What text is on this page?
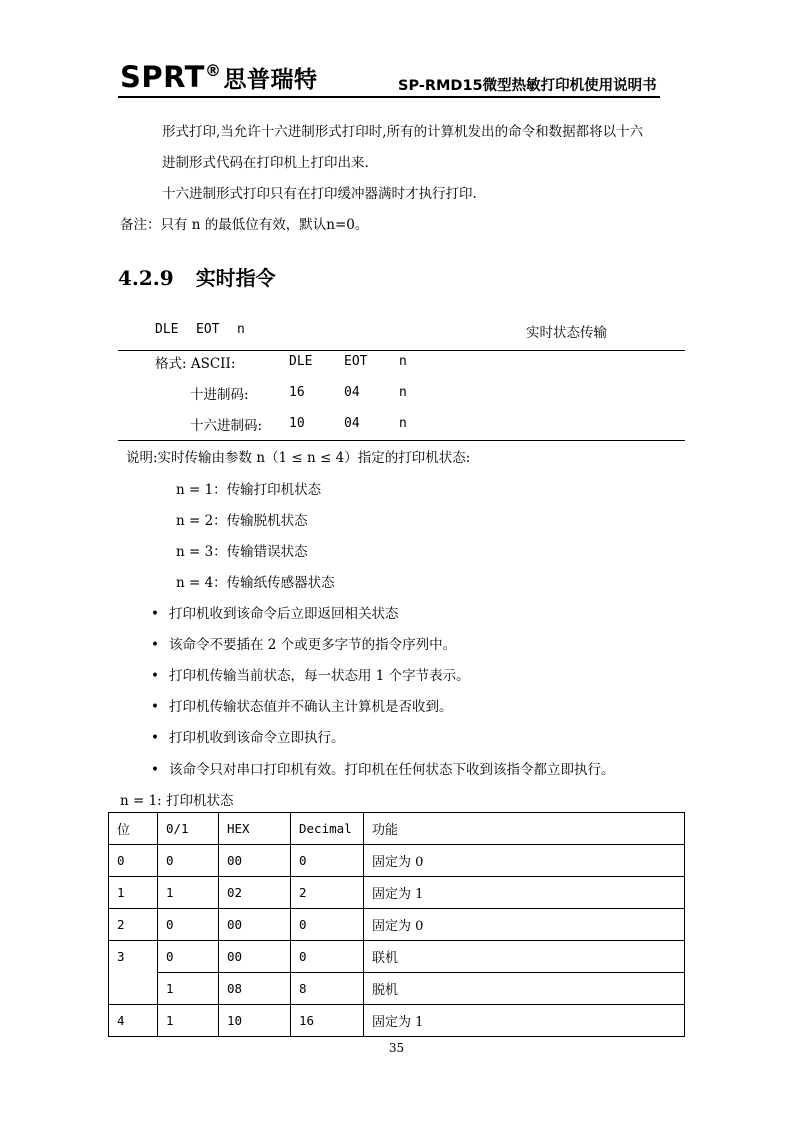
SPRT®思普瑞特	SP-RMD15微型热敏打印机使用说明书
形式打印,当允许十六进制形式打印时,所有的计算机发出的命令和数据都将以十六
进制形式代码在打印机上打印出来.
十六进制形式打印只有在打印缓冲器满时才执行打印.
备注：只有 n 的最低位有效，默认n=0。
4.2.9 实时指令
DLE EOT n	实时状态传输
格式: ASCII:	DLE EOT n
十进制码:	16	04	n
十六进制码: 10	04	n
说明:实时传输由参数 n（1 ≤ n ≤ 4）指定的打印机状态:
n = 1：传输打印机状态
n = 2：传输脱机状态
n = 3：传输错误状态
n = 4：传输纸传感器状态
• 打印机收到该命令后立即返回相关状态
• 该命令不要插在 2 个或更多字节的指令序列中。
• 打印机传输当前状态，每一状态用 1 个字节表示。
• 打印机传输状态值并不确认主计算机是否收到。
• 打印机收到该命令立即执行。
• 该命令只对串口打印机有效。打印机在任何状态下收到该指令都立即执行。
n = 1: 打印机状态
位	0/1	HEX	Decimal	功能
0	0	00	0	固定为 0
1	1	02	2	固定为 1
2	0	00	0	固定为 0
3	0	00	0	联机
	1	08	8	脱机
4	1	10	16	固定为 1
35
